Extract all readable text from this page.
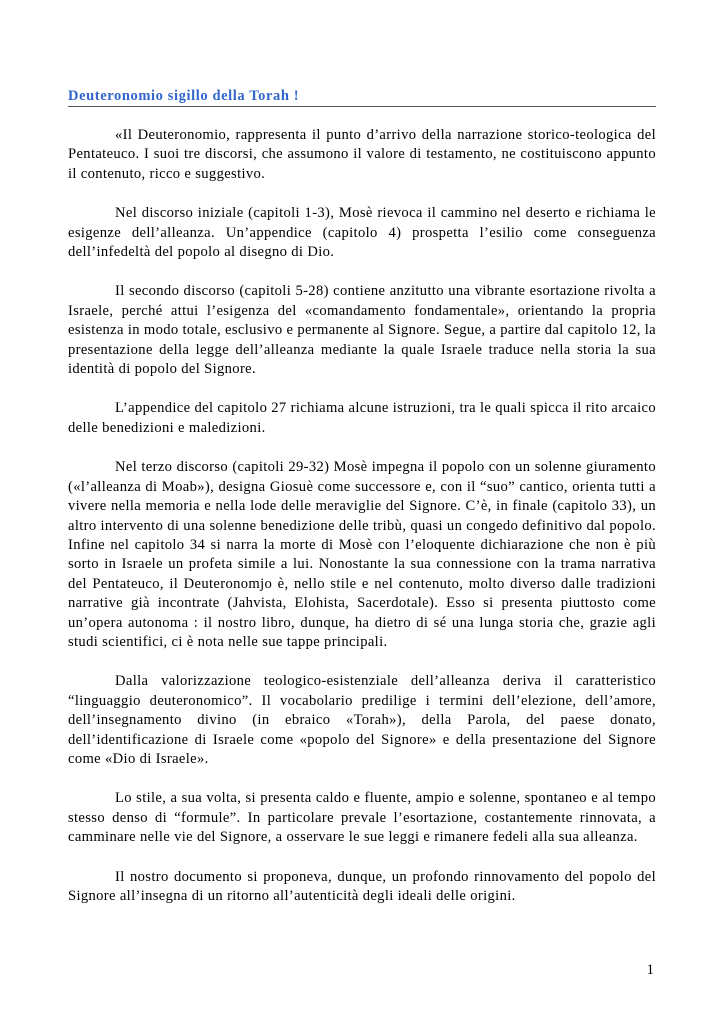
Deuteronomio sigillo della Torah !

«Il Deuteronomio, rappresenta il punto d’arrivo della narrazione storico-teologica del Pentateuco. I suoi tre discorsi, che assumono il valore di testamento, ne costituiscono appunto il contenuto, ricco e suggestivo.

Nel discorso iniziale (capitoli 1-3), Mosè rievoca il cammino nel deserto e richiama le esigenze dell’alleanza. Un’appendice (capitolo 4) prospetta l’esilio come conseguenza dell’infedeltà del popolo al disegno di Dio.

Il secondo discorso (capitoli 5-28) contiene anzitutto una vibrante esortazione rivolta a Israele, perché attui l’esigenza del «comandamento fondamentale», orientando la propria esistenza in modo totale, esclusivo e permanente al Signore. Segue, a partire dal capitolo 12, la presentazione della legge dell’alleanza mediante la quale Israele traduce nella storia la sua identità di popolo del Signore.

L’appendice del capitolo 27 richiama alcune istruzioni, tra le quali spicca il rito arcaico delle benedizioni e maledizioni.

Nel terzo discorso (capitoli 29-32) Mosè impegna il popolo con un solenne giuramento («l’alleanza di Moab»), designa Giosuè come successore e, con il “suo” cantico, orienta tutti a vivere nella memoria e nella lode delle meraviglie del Signore. C’è, in finale (capitolo 33), un altro intervento di una solenne benedizione delle tribù, quasi un congedo definitivo dal popolo. Infine nel capitolo 34 si narra la morte di Mosè con l’eloquente dichiarazione che non è più sorto in Israele un profeta simile a lui. Nonostante la sua connessione con la trama narrativa del Pentateuco, il Deuteronomjo è, nello stile e nel contenuto, molto diverso dalle tradizioni narrative già incontrate (Jahvista, Elohista, Sacerdotale). Esso si presenta piuttosto come un’opera autonoma : il nostro libro, dunque, ha dietro di sé una lunga storia che, grazie agli studi scientifici, ci è nota nelle sue tappe principali.

Dalla valorizzazione teologico-esistenziale dell’alleanza deriva il caratteristico “linguaggio deuteronomico”. Il vocabolario predilige i termini dell’elezione, dell’amore, dell’insegnamento divino (in ebraico «Torah»), della Parola, del paese donato, dell’identificazione di Israele come «popolo del Signore» e della presentazione del Signore come «Dio di Israele».

Lo stile, a sua volta, si presenta caldo e fluente, ampio e solenne, spontaneo e al tempo stesso denso di “formule”. In particolare prevale l’esortazione, costantemente rinnovata, a camminare nelle vie del Signore, a osservare le sue leggi e rimanere fedeli alla sua alleanza.

Il nostro documento si proponeva, dunque, un profondo rinnovamento del popolo del Signore all’insegna di un ritorno all’autenticità degli ideali delle origini.

1
